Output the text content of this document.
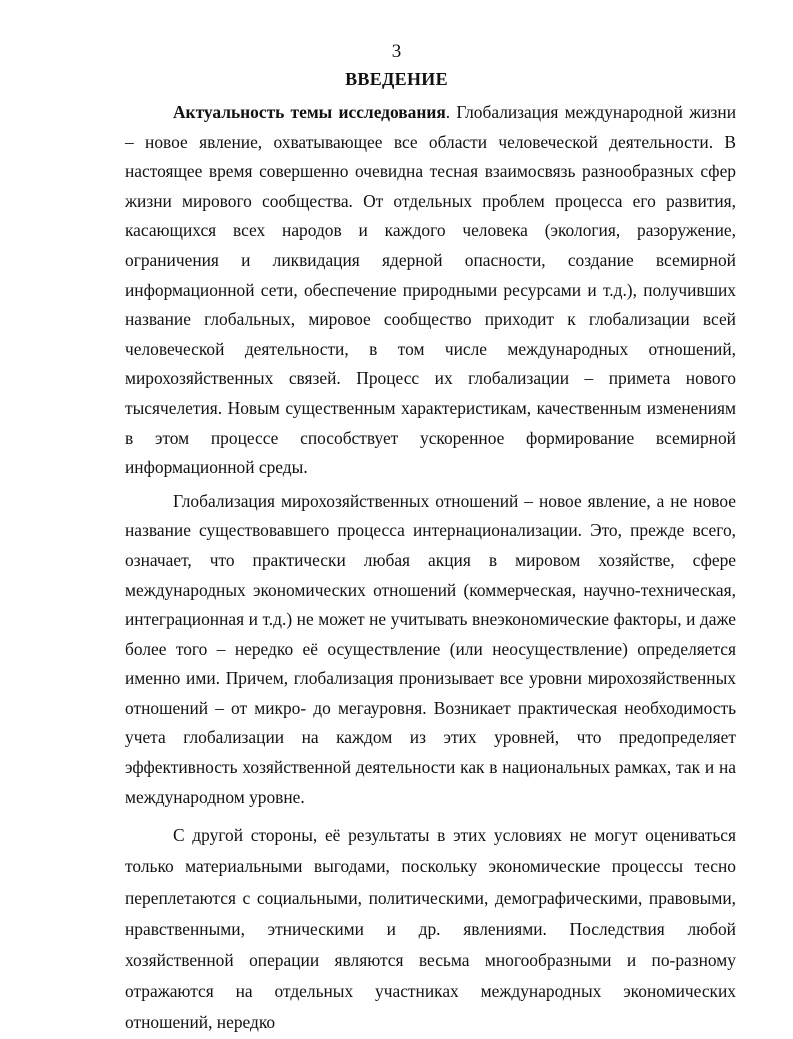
3
ВВЕДЕНИЕ

Актуальность темы исследования. Глобализация международной жизни – новое явление, охватывающее все области человеческой деятельности. В настоящее время совершенно очевидна тесная взаимосвязь разнообразных сфер жизни мирового сообщества. От отдельных проблем процесса его развития, касающихся всех народов и каждого человека (экология, разоружение, ограничения и ликвидация ядерной опасности, создание всемирной информационной сети, обеспечение природными ресурсами и т.д.), получивших название глобальных, мировое сообщество приходит к глобализации всей человеческой деятельности, в том числе международных отношений, мирохозяйственных связей. Процесс их глобализации – примета нового тысячелетия. Новым существенным характеристикам, качественным изменениям в этом процессе способствует ускоренное формирование всемирной информационной среды.

Глобализация мирохозяйственных отношений – новое явление, а не новое название существовавшего процесса интернационализации. Это, прежде всего, означает, что практически любая акция в мировом хозяйстве, сфере международных экономических отношений (коммерческая, научно-техническая, интеграционная и т.д.) не может не учитывать внеэкономические факторы, и даже более того – нередко её осуществление (или неосуществление) определяется именно ими. Причем, глобализация пронизывает все уровни мирохозяйственных отношений – от микро- до мегауровня. Возникает практическая необходимость учета глобализации на каждом из этих уровней, что предопределяет эффективность хозяйственной деятельности как в национальных рамках, так и на международном уровне.

С другой стороны, её результаты в этих условиях не могут оцениваться только материальными выгодами, поскольку экономические процессы тесно переплетаются с социальными, политическими, демографическими, правовыми, нравственными, этническими и др. явлениями. Последствия любой хозяйственной операции являются весьма многообразными и по-разному отражаются на отдельных участниках международных экономических отношений, нередко
